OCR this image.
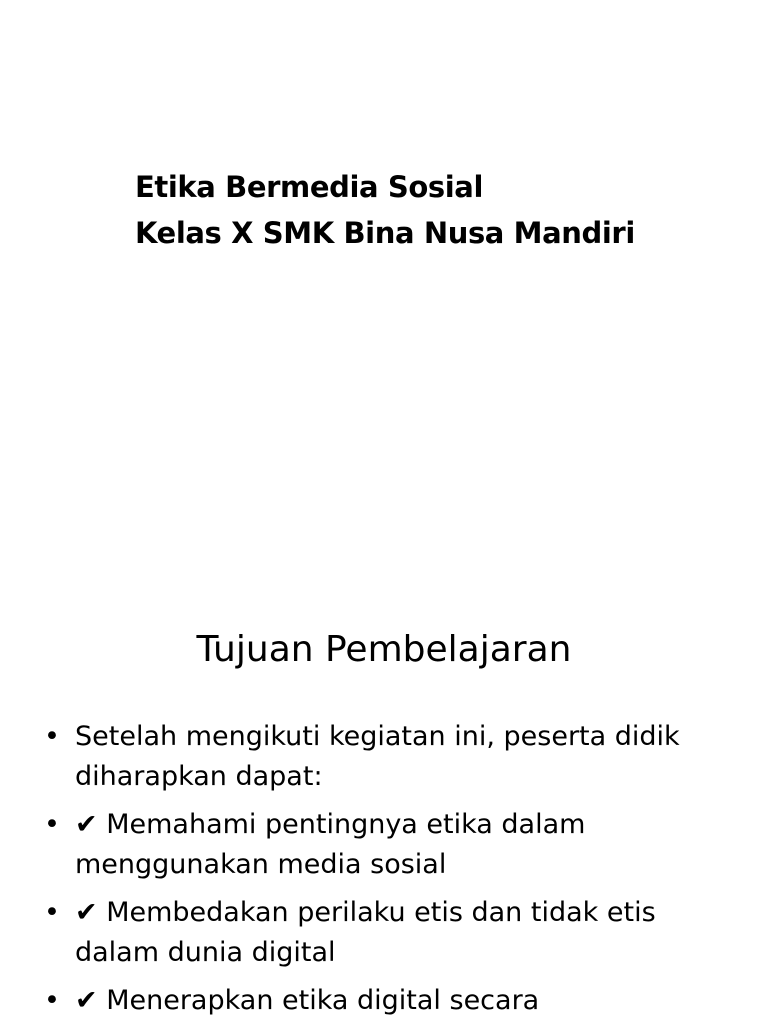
Etika Bermedia Sosial
Kelas X SMK Bina Nusa Mandiri
Tujuan Pembelajaran
• Setelah mengikuti kegiatan ini, peserta didik diharapkan dapat:
• ✔ Memahami pentingnya etika dalam menggunakan media sosial
• ✔ Membedakan perilaku etis dan tidak etis dalam dunia digital
• ✔ Menerapkan etika digital secara
